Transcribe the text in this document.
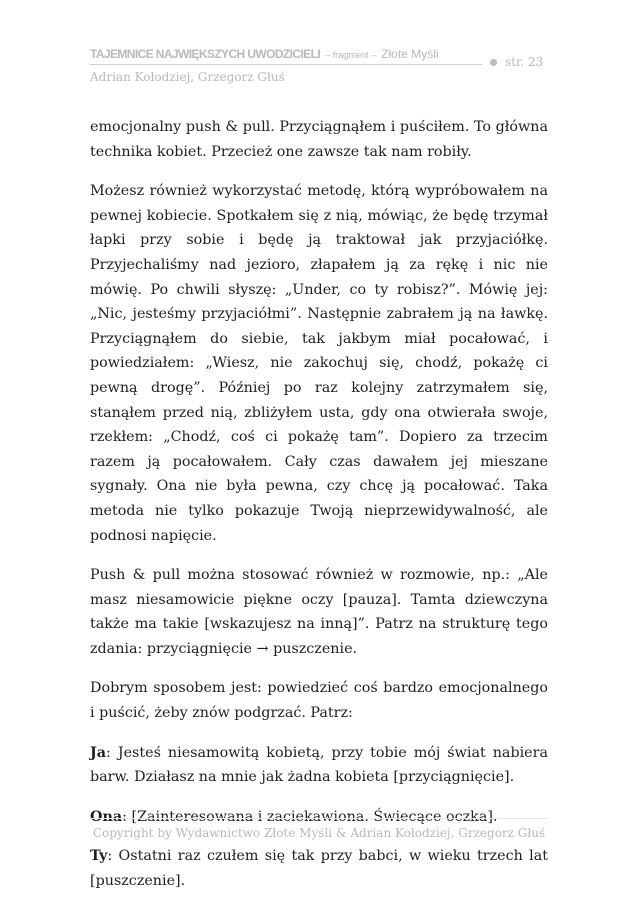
TAJEMNICE NAJWIĘKSZYCH UWODZICIELI – fragment – Złote Myśli
str. 23
Adrian Kołodziej, Grzegorz Głuś

emocjonalny push & pull. Przyciągnąłem i puściłem. To główna technika kobiet. Przecież one zawsze tak nam robiły.

Możesz również wykorzystać metodę, którą wypróbowałem na pewnej kobiecie. Spotkałem się z nią, mówiąc, że będę trzymał łapki przy sobie i będę ją traktował jak przyjaciółkę. Przyjechaliśmy nad jezioro, złapałem ją za rękę i nic nie mówię. Po chwili słyszę: „Under, co ty robisz?”. Mówię jej: „Nic, jesteśmy przyjaciółmi”. Następnie zabrałem ją na ławkę. Przyciągnąłem do siebie, tak jakbym miał pocałować, i powiedziałem: „Wiesz, nie zakochuj się, chodź, pokażę ci pewną drogę”. Później po raz kolejny zatrzymałem się, stanąłem przed nią, zbliżyłem usta, gdy ona otwierała swoje, rzekłem: „Chodź, coś ci pokażę tam”. Dopiero za trzecim razem ją pocałowałem. Cały czas dawałem jej mieszane sygnały. Ona nie była pewna, czy chcę ją pocałować. Taka metoda nie tylko pokazuje Twoją nieprzewidywalność, ale podnosi napięcie.

Push & pull można stosować również w rozmowie, np.: „Ale masz niesamowicie piękne oczy [pauza]. Tamta dziewczyna także ma takie [wskazujesz na inną]”. Patrz na strukturę tego zdania: przyciągnięcie → puszczenie.

Dobrym sposobem jest: powiedzieć coś bardzo emocjonalnego i puścić, żeby znów podgrzać. Patrz:

Ja: Jesteś niesamowitą kobietą, przy tobie mój świat nabiera barw. Działasz na mnie jak żadna kobieta [przyciągnięcie].

Ona: [Zainteresowana i zaciekawiona. Świecące oczka].

Ty: Ostatni raz czułem się tak przy babci, w wieku trzech lat [puszczenie].

Copyright by Wydawnictwo Złote Myśli & Adrian Kołodziej, Grzegorz Głuś
